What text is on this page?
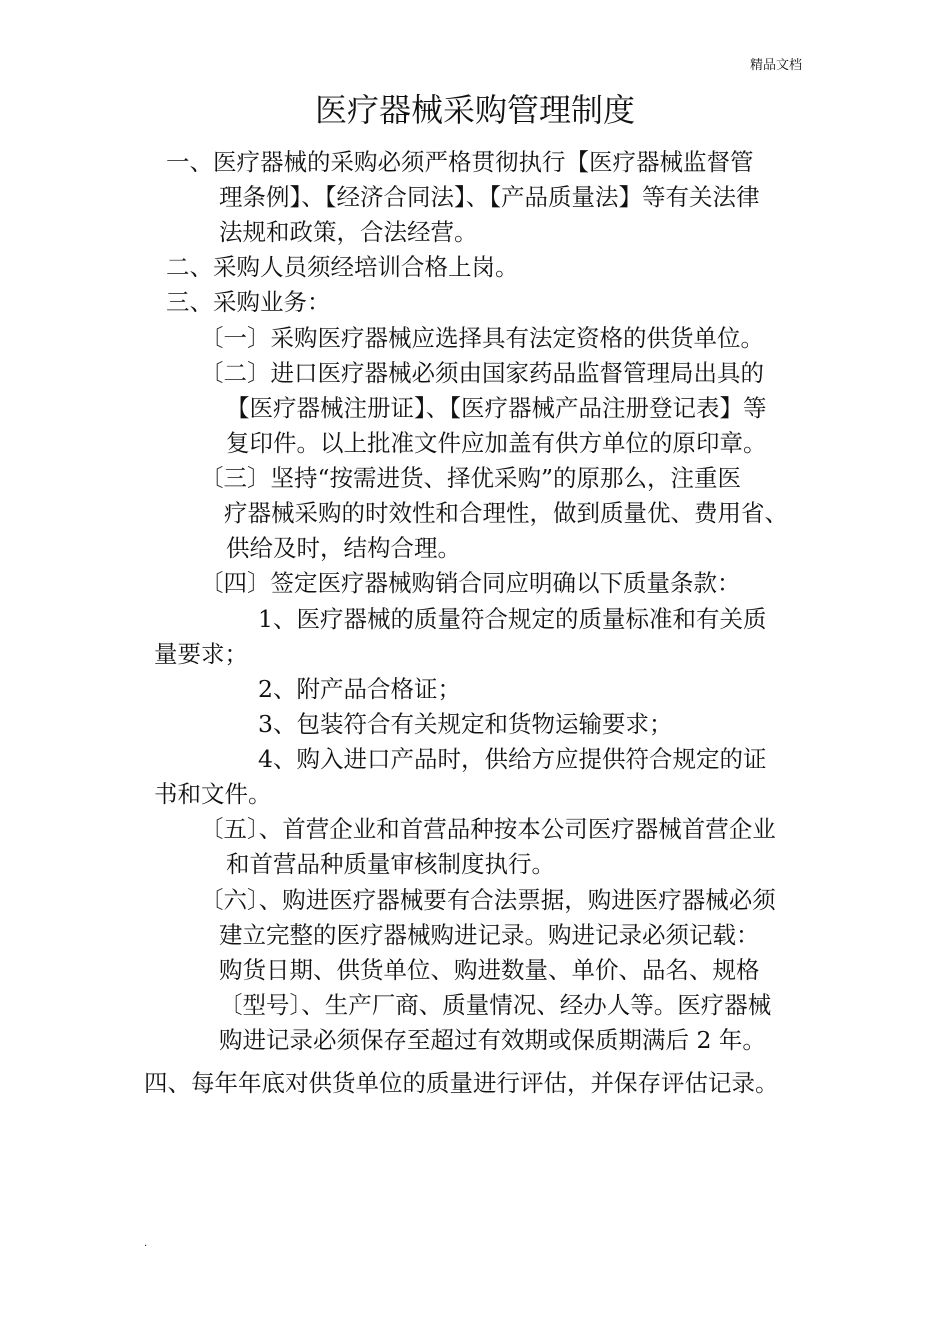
精品文档
医疗器械采购管理制度
一、医疗器械的采购必须严格贯彻执行【医疗器械监督管
理条例】、【经济合同法】、【产品质量法】等有关法律
法规和政策，合法经营。
二、采购人员须经培训合格上岗。
三、采购业务：
〔一〕采购医疗器械应选择具有法定资格的供货单位。
〔二〕进口医疗器械必须由国家药品监督管理局出具的
【医疗器械注册证】、【医疗器械产品注册登记表】等
复印件。以上批准文件应加盖有供方单位的原印章。
〔三〕坚持“按需进货、择优采购”的原那么，注重医
疗器械采购的时效性和合理性，做到质量优、费用省、
供给及时，结构合理。
〔四〕签定医疗器械购销合同应明确以下质量条款：
1、医疗器械的质量符合规定的质量标准和有关质
量要求；
2、附产品合格证；
3、包装符合有关规定和货物运输要求；
4、购入进口产品时，供给方应提供符合规定的证
书和文件。
〔五〕、首营企业和首营品种按本公司医疗器械首营企业
和首营品种质量审核制度执行。
〔六〕、购进医疗器械要有合法票据，购进医疗器械必须
建立完整的医疗器械购进记录。购进记录必须记载：
购货日期、供货单位、购进数量、单价、品名、规格
〔型号〕、生产厂商、质量情况、经办人等。医疗器械
购进记录必须保存至超过有效期或保质期满后 2 年。
四、每年年底对供货单位的质量进行评估，并保存评估记录。
.
